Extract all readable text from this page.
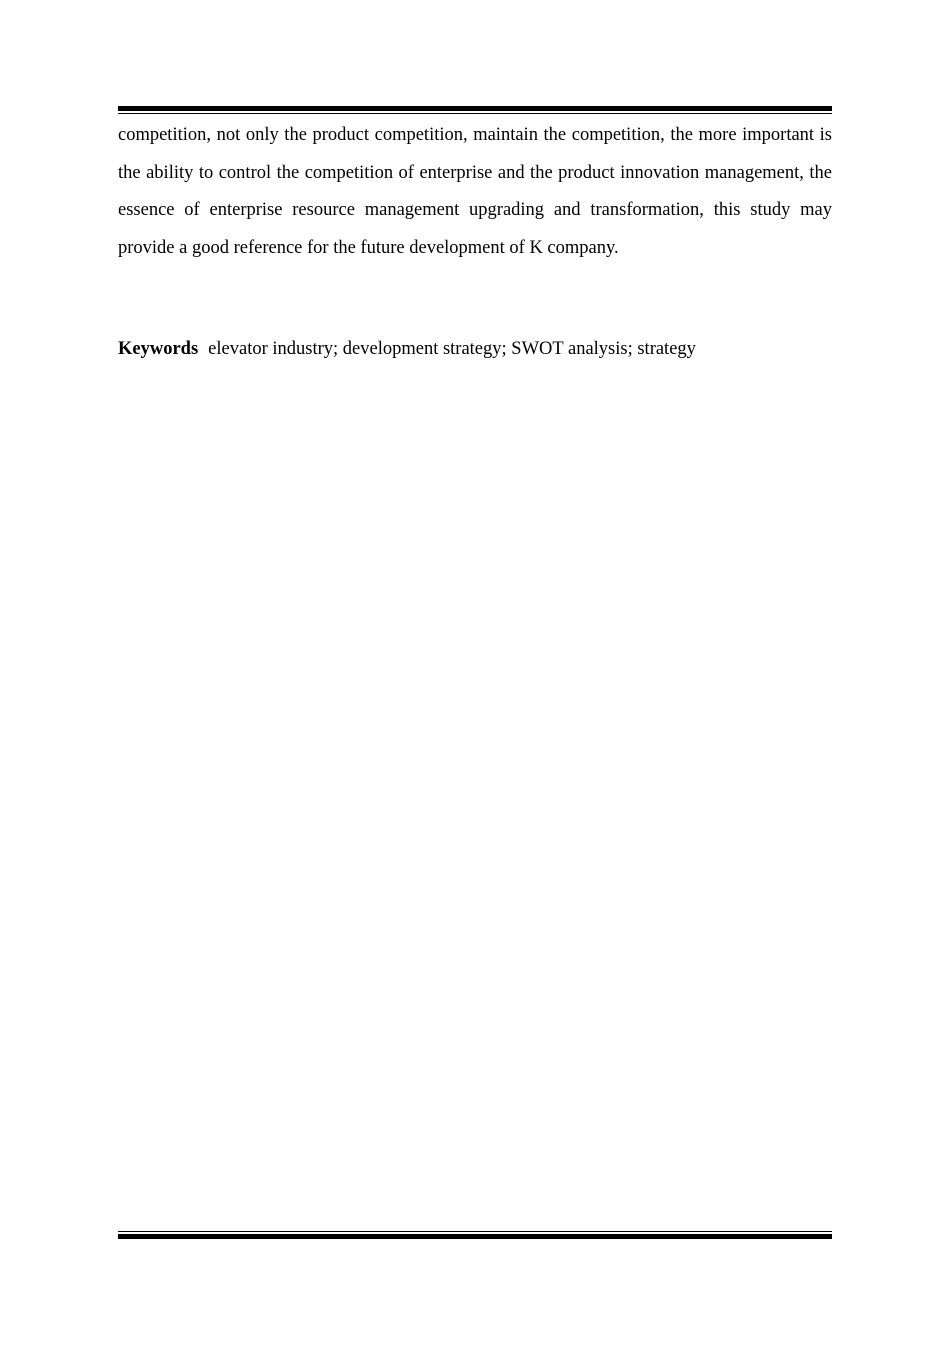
competition, not only the product competition, maintain the competition, the more important is the ability to control the competition of enterprise and the product innovation management, the essence of enterprise resource management upgrading and transformation, this study may provide a good reference for the future development of K company.

Keywords elevator industry; development strategy; SWOT analysis; strategy
